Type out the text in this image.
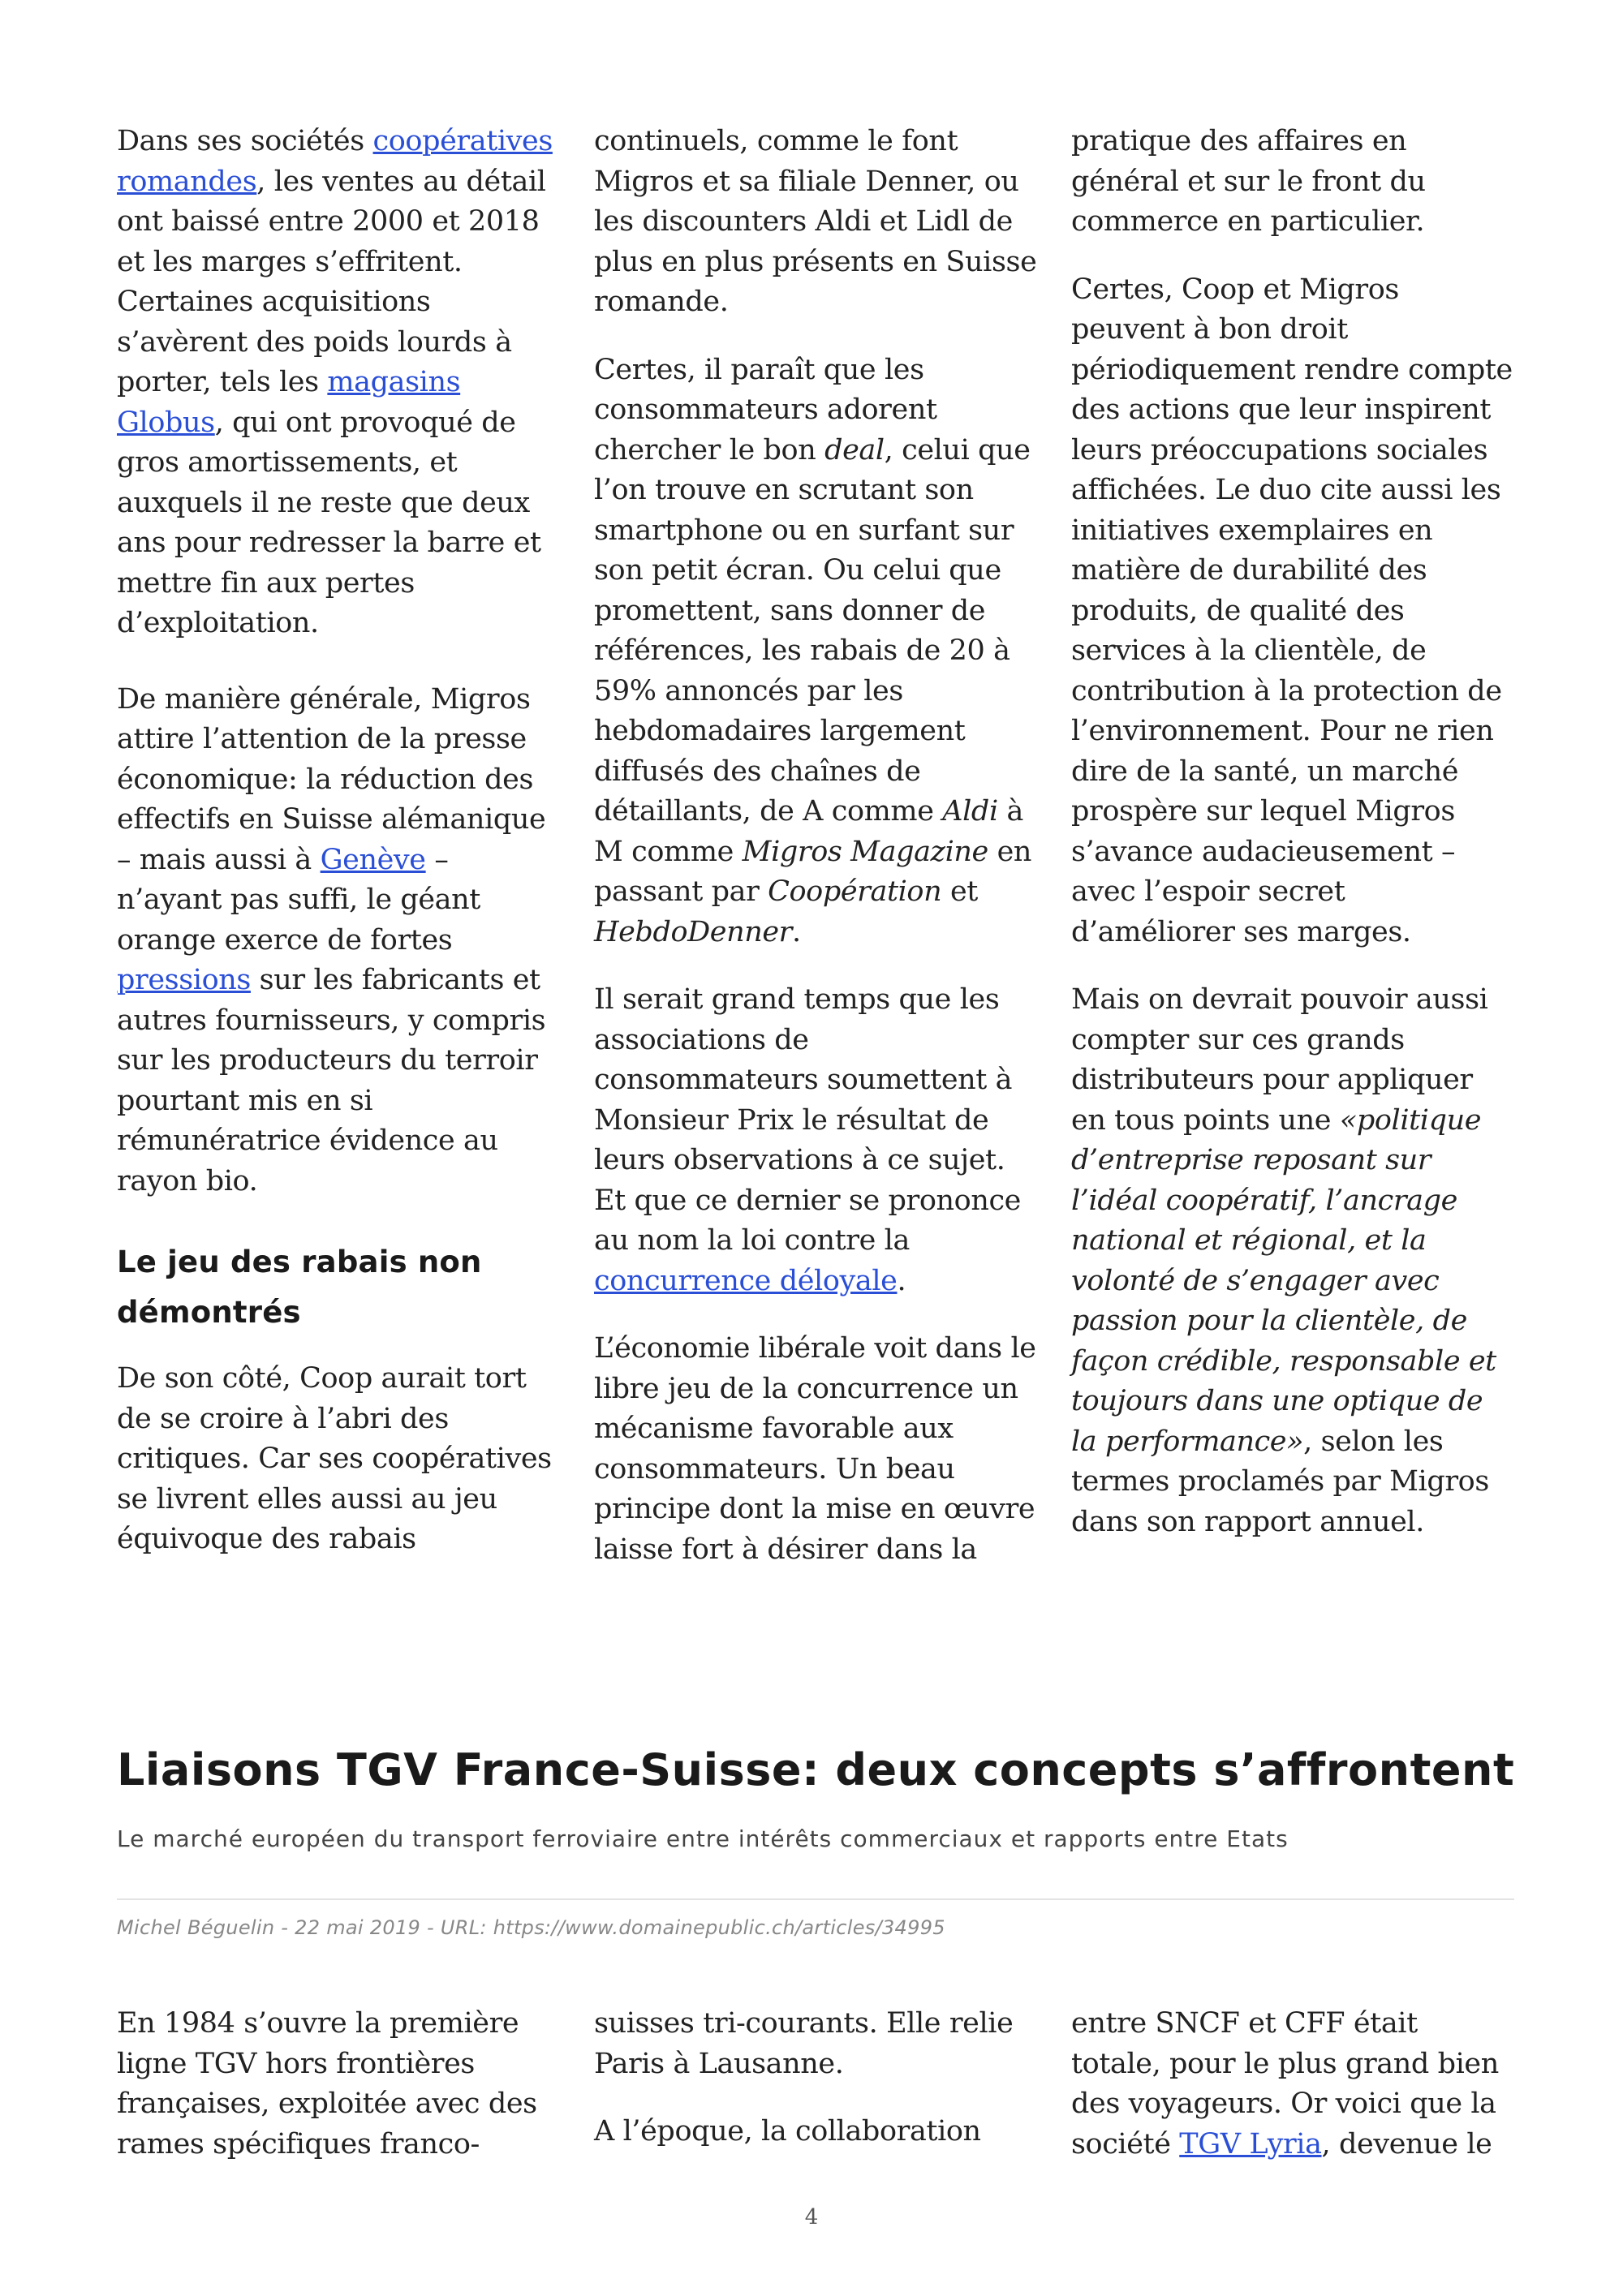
Dans ses sociétés coopératives romandes, les ventes au détail ont baissé entre 2000 et 2018 et les marges s’effritent. Certaines acquisitions s’avèrent des poids lourds à porter, tels les magasins Globus, qui ont provoqué de gros amortissements, et auxquels il ne reste que deux ans pour redresser la barre et mettre fin aux pertes d’exploitation.

De manière générale, Migros attire l’attention de la presse économique: la réduction des effectifs en Suisse alémanique – mais aussi à Genève – n’ayant pas suffi, le géant orange exerce de fortes pressions sur les fabricants et autres fournisseurs, y compris sur les producteurs du terroir pourtant mis en si rémunératrice évidence au rayon bio.

Le jeu des rabais non démontrés

De son côté, Coop aurait tort de se croire à l’abri des critiques. Car ses coopératives se livrent elles aussi au jeu équivoque des rabais

continuels, comme le font Migros et sa filiale Denner, ou les discounters Aldi et Lidl de plus en plus présents en Suisse romande.

Certes, il paraît que les consommateurs adorent chercher le bon deal, celui que l’on trouve en scrutant son smartphone ou en surfant sur son petit écran. Ou celui que promettent, sans donner de références, les rabais de 20 à 59% annoncés par les hebdomadaires largement diffusés des chaînes de détaillants, de A comme Aldi à M comme Migros Magazine en passant par Coopération et HebdoDenner.

Il serait grand temps que les associations de consommateurs soumettent à Monsieur Prix le résultat de leurs observations à ce sujet. Et que ce dernier se prononce au nom la loi contre la concurrence déloyale.

L’économie libérale voit dans le libre jeu de la concurrence un mécanisme favorable aux consommateurs. Un beau principe dont la mise en œuvre laisse fort à désirer dans la

pratique des affaires en général et sur le front du commerce en particulier.

Certes, Coop et Migros peuvent à bon droit périodiquement rendre compte des actions que leur inspirent leurs préoccupations sociales affichées. Le duo cite aussi les initiatives exemplaires en matière de durabilité des produits, de qualité des services à la clientèle, de contribution à la protection de l’environnement. Pour ne rien dire de la santé, un marché prospère sur lequel Migros s’avance audacieusement – avec l’espoir secret d’améliorer ses marges.

Mais on devrait pouvoir aussi compter sur ces grands distributeurs pour appliquer en tous points une «politique d’entreprise reposant sur l’idéal coopératif, l’ancrage national et régional, et la volonté de s’engager avec passion pour la clientèle, de façon crédible, responsable et toujours dans une optique de la performance», selon les termes proclamés par Migros dans son rapport annuel.

Liaisons TGV France-Suisse: deux concepts s’affrontent

Le marché européen du transport ferroviaire entre intérêts commerciaux et rapports entre Etats

Michel Béguelin - 22 mai 2019 - URL: https://www.domainepublic.ch/articles/34995

En 1984 s’ouvre la première ligne TGV hors frontières françaises, exploitée avec des rames spécifiques franco-

suisses tri-courants. Elle relie Paris à Lausanne.

A l’époque, la collaboration

entre SNCF et CFF était totale, pour le plus grand bien des voyageurs. Or voici que la société TGV Lyria, devenue le

4
